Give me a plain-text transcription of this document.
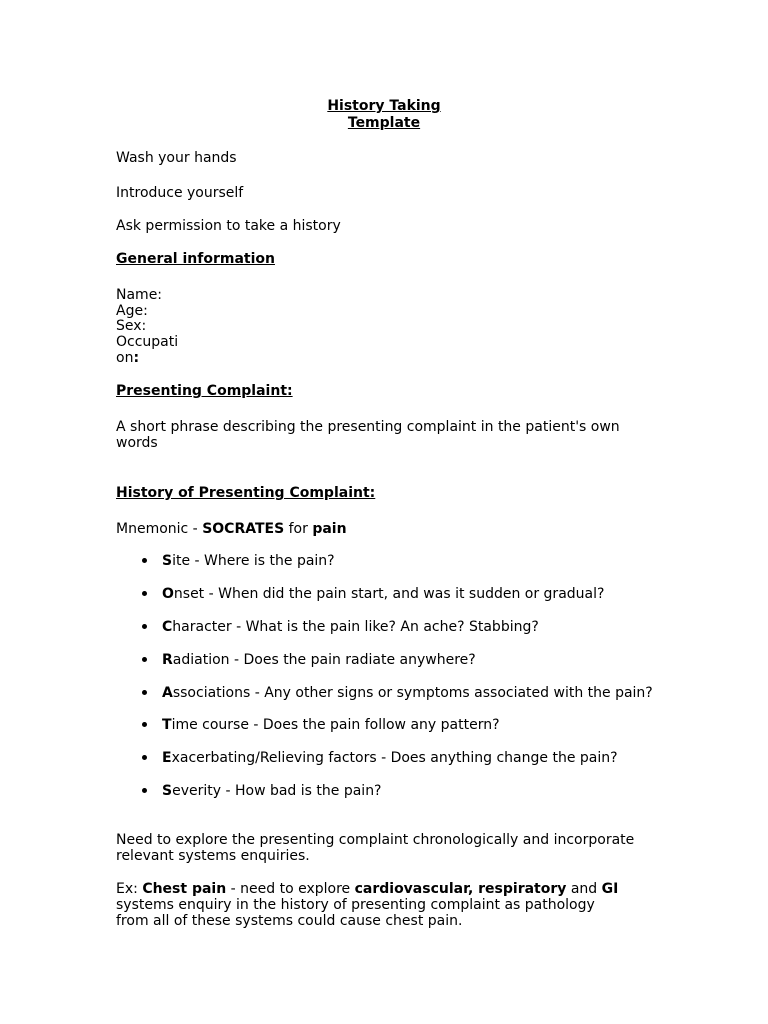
History Taking

Template

Wash your hands

Introduce yourself

Ask permission to take a history

General information

Name:

Age:

Sex:

Occupati

on:

Presenting Complaint:

A short phrase describing the presenting complaint in the patient's own

words

History of Presenting Complaint:

Mnemonic - SOCRATES for pain

Site - Where is the pain?
Onset - When did the pain start, and was it sudden or gradual?
Character - What is the pain like? An ache? Stabbing?
Radiation - Does the pain radiate anywhere?
Associations - Any other signs or symptoms associated with the pain?
Time course - Does the pain follow any pattern?
Exacerbating/Relieving factors - Does anything change the pain?
Severity - How bad is the pain?

Need to explore the presenting complaint chronologically and incorporate

relevant systems enquiries.

Ex: Chest pain - need to explore cardiovascular, respiratory and GI

systems enquiry in the history of presenting complaint as pathology

from all of these systems could cause chest pain.
